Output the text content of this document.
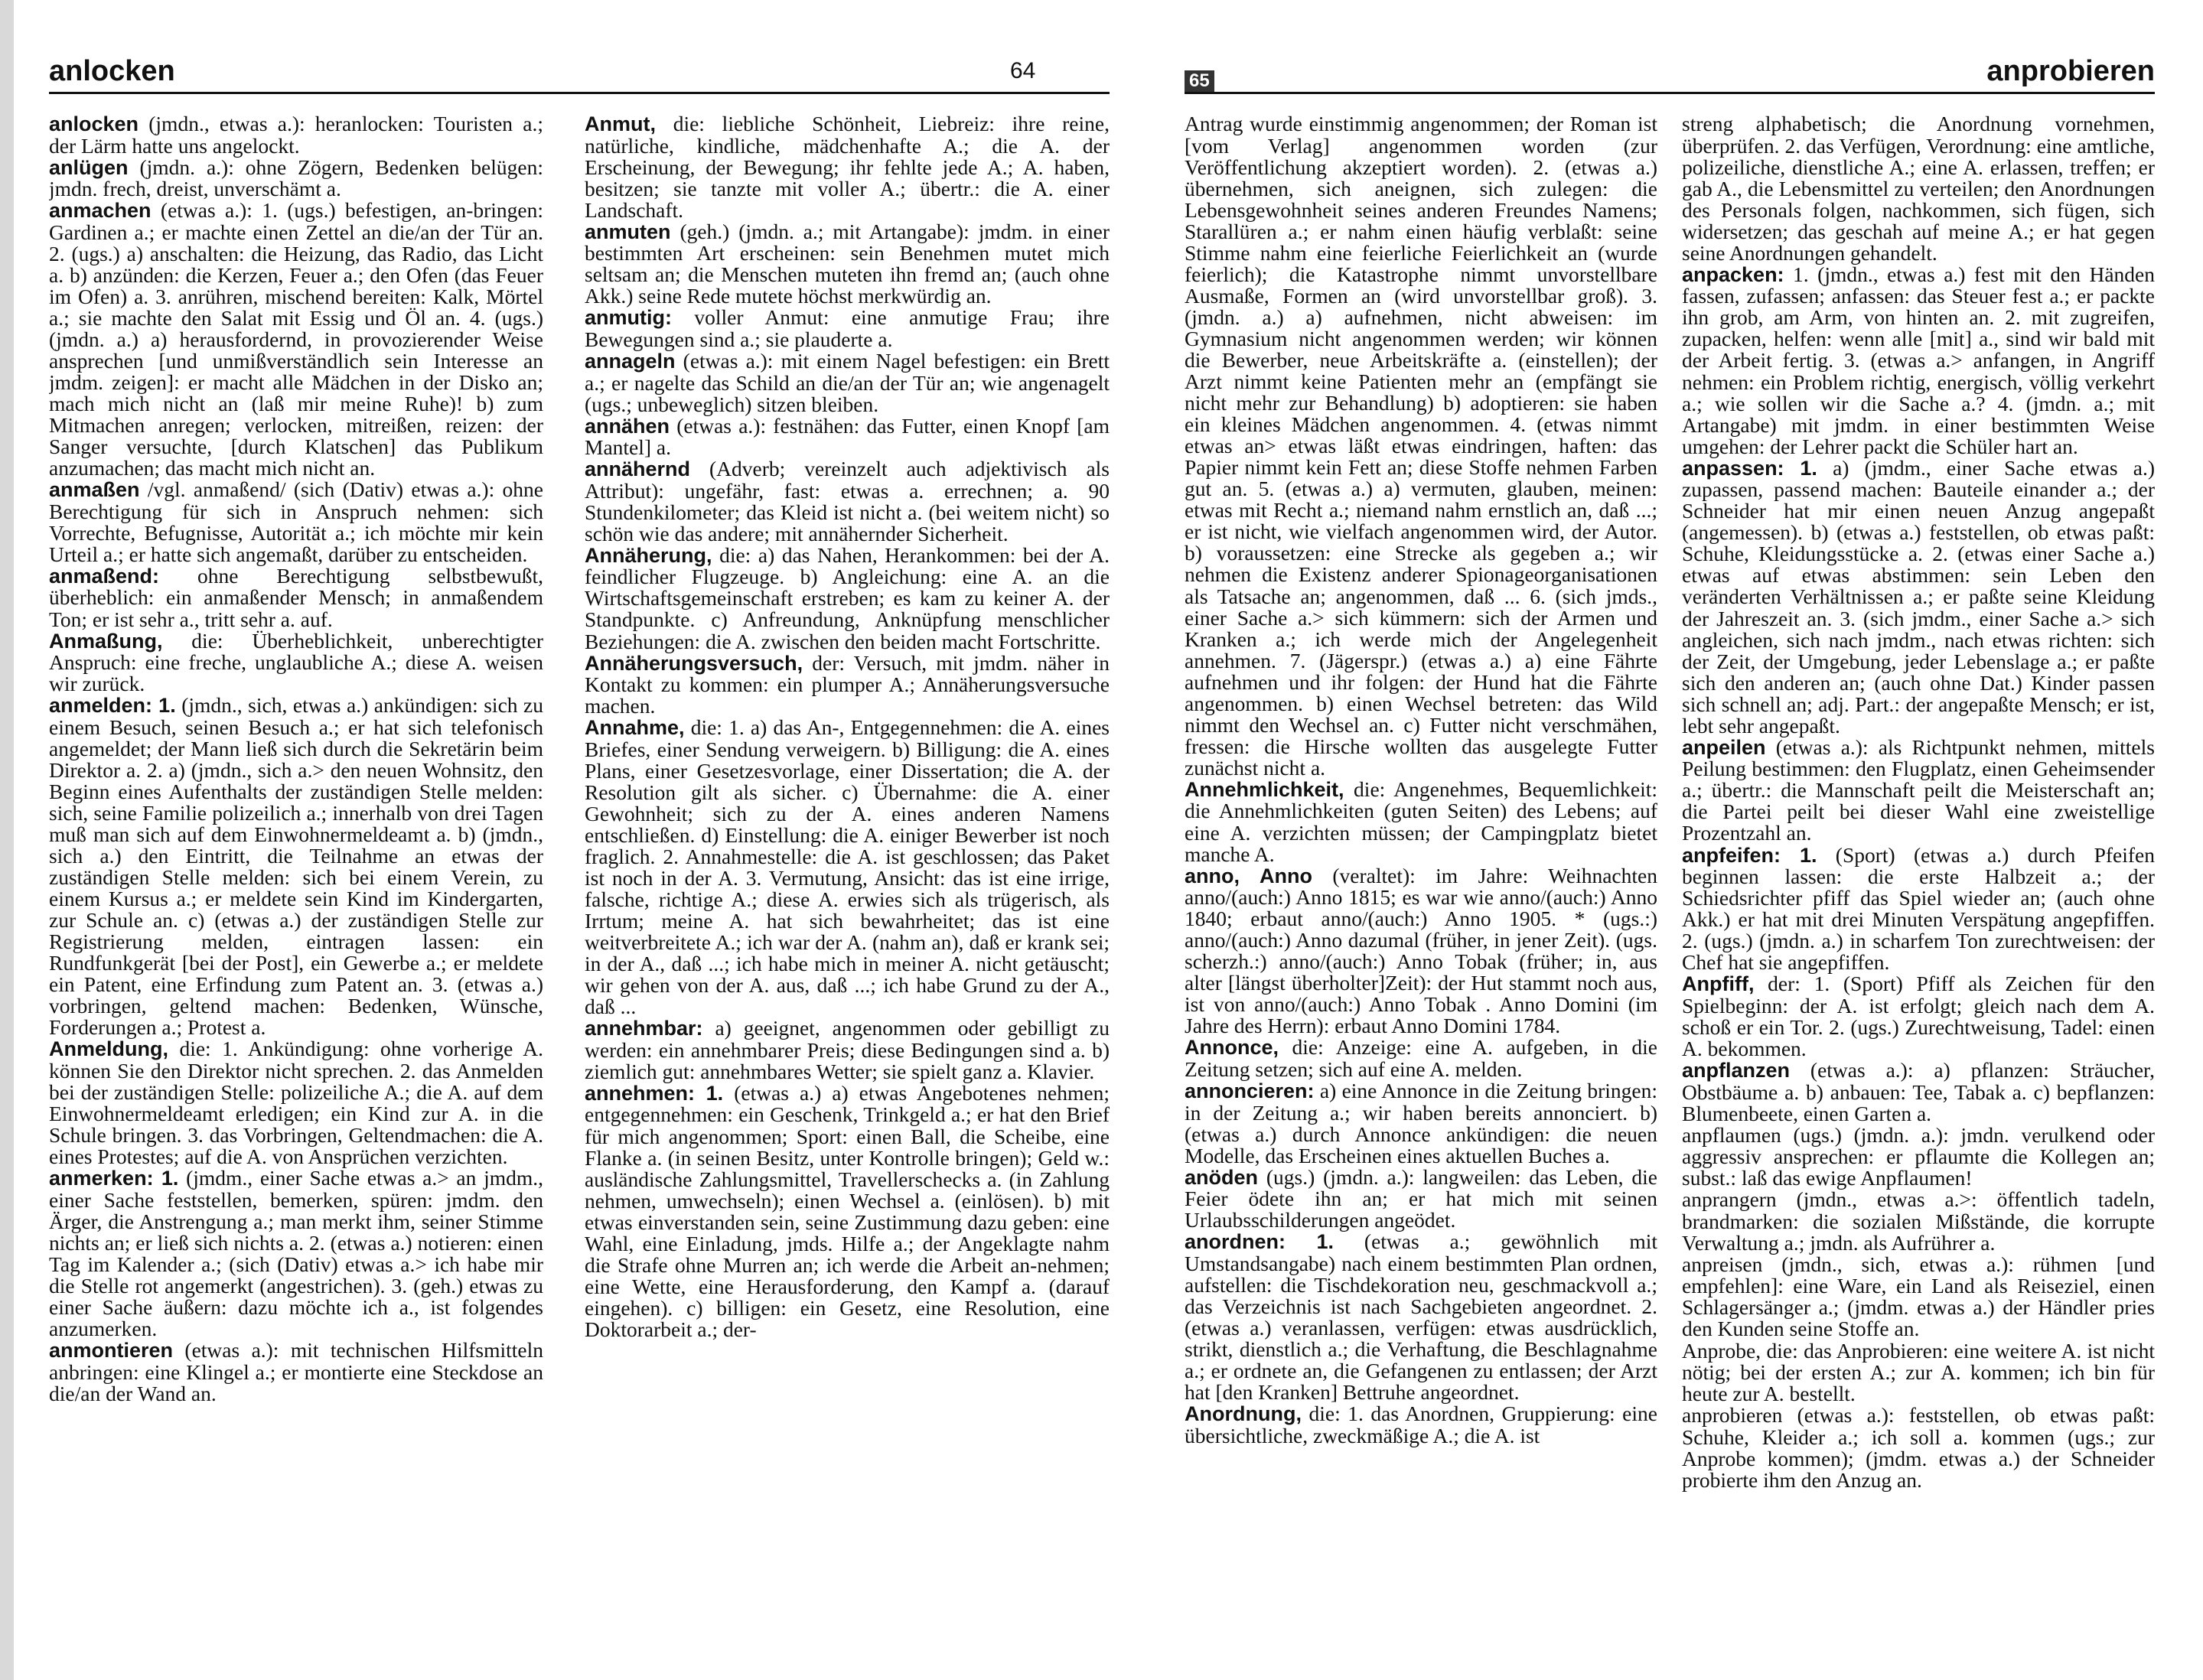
anlocken	64

anlocken (jmdn., etwas a.): heranlocken: Touristen a.; der Lärm hatte uns angelockt.

anlügen (jmdn. a.): ohne Zögern, Bedenken belügen: jmdn. frech, dreist, unverschämt a.

anmachen (etwas a.): 1. (ugs.) befestigen, an-bringen: Gardinen a.; er machte einen Zettel an die/an der Tür an. 2. (ugs.) a) anschalten: die Heizung, das Radio, das Licht a. b) anzünden: die Kerzen, Feuer a.; den Ofen (das Feuer im Ofen) a. 3. anrühren, mischend bereiten: Kalk, Mörtel a.; sie machte den Salat mit Essig und Öl an. 4. (ugs.) (jmdn. a.) a) herausfordernd, in provozierender Weise ansprechen [und unmißverständlich sein Interesse an jmdm. zeigen]: er macht alle Mädchen in der Disko an; mach mich nicht an (laß mir meine Ruhe)! b) zum Mitmachen anregen; verlocken, mitreißen, reizen: der Sanger versuchte, [durch Klatschen] das Publikum anzumachen; das macht mich nicht an.

anmaßen /vgl. anmaßend/ (sich (Dativ) etwas a.): ohne Berechtigung für sich in Anspruch nehmen: sich Vorrechte, Befugnisse, Autorität a.; ich möchte mir kein Urteil a.; er hatte sich angemaßt, darüber zu entscheiden.

anmaßend: ohne Berechtigung selbstbewußt, überheblich: ein anmaßender Mensch; in anmaßendem Ton; er ist sehr a., tritt sehr a. auf.

Anmaßung, die: Überheblichkeit, unberechtigter Anspruch: eine freche, unglaubliche A.; diese A. weisen wir zurück.

anmelden: 1. (jmdn., sich, etwas a.) ankündigen: sich zu einem Besuch, seinen Besuch a.; er hat sich telefonisch angemeldet; der Mann ließ sich durch die Sekretärin beim Direktor a. 2. a) (jmdn., sich a.> den neuen Wohnsitz, den Beginn eines Aufenthalts der zuständigen Stelle melden: sich, seine Familie polizeilich a.; innerhalb von drei Tagen muß man sich auf dem Einwohnermeldeamt a. b) (jmdn., sich a.) den Eintritt, die Teilnahme an etwas der zuständigen Stelle melden: sich bei einem Verein, zu einem Kursus a.; er meldete sein Kind im Kindergarten, zur Schule an. c) (etwas a.) der zuständigen Stelle zur Registrierung melden, eintragen lassen: ein Rundfunkgerät [bei der Post], ein Gewerbe a.; er meldete ein Patent, eine Erfindung zum Patent an. 3. (etwas a.) vorbringen, geltend machen: Bedenken, Wünsche, Forderungen a.; Protest a.

Anmeldung, die: 1. Ankündigung: ohne vorherige A. können Sie den Direktor nicht sprechen. 2. das Anmelden bei der zuständigen Stelle: polizeiliche A.; die A. auf dem Einwohnermeldeamt erledigen; ein Kind zur A. in die Schule bringen. 3. das Vorbringen, Geltendmachen: die A. eines Protestes; auf die A. von Ansprüchen verzichten.

anmerken: 1. (jmdm., einer Sache etwas a.> an jmdm., einer Sache feststellen, bemerken, spüren: jmdm. den Ärger, die Anstrengung a.; man merkt ihm, seiner Stimme nichts an; er ließ sich nichts a. 2. (etwas a.) notieren: einen Tag im Kalender a.; (sich (Dativ) etwas a.> ich habe mir die Stelle rot angemerkt (angestrichen). 3. (geh.) etwas zu einer Sache äußern: dazu möchte ich a., ist folgendes anzumerken.

anmontieren (etwas a.): mit technischen Hilfsmitteln anbringen: eine Klingel a.; er montierte eine Steckdose an die/an der Wand an.

Anmut, die: liebliche Schönheit, Liebreiz: ihre reine, natürliche, kindliche, mädchenhafte A.; die A. der Erscheinung, der Bewegung; ihr fehlte jede A.; A. haben, besitzen; sie tanzte mit voller A.; übertr.: die A. einer Landschaft.

anmuten (geh.) (jmdn. a.; mit Artangabe): jmdm. in einer bestimmten Art erscheinen: sein Benehmen mutet mich seltsam an; die Menschen muteten ihn fremd an; (auch ohne Akk.) seine Rede mutete höchst merkwürdig an.

anmutig: voller Anmut: eine anmutige Frau; ihre Bewegungen sind a.; sie plauderte a.

annageln (etwas a.): mit einem Nagel befestigen: ein Brett a.; er nagelte das Schild an die/an der Tür an; wie angenagelt (ugs.; unbeweglich) sitzen bleiben.

annähen (etwas a.): festnähen: das Futter, einen Knopf [am Mantel] a.

annähernd (Adverb; vereinzelt auch adjektivisch als Attribut): ungefähr, fast: etwas a. errechnen; a. 90 Stundenkilometer; das Kleid ist nicht a. (bei weitem nicht) so schön wie das andere; mit annähernder Sicherheit.

Annäherung, die: a) das Nahen, Herankommen: bei der A. feindlicher Flugzeuge. b) Angleichung: eine A. an die Wirtschaftsgemeinschaft erstreben; es kam zu keiner A. der Standpunkte. c) Anfreundung, Anknüpfung menschlicher Beziehungen: die A. zwischen den beiden macht Fortschritte.

Annäherungsversuch, der: Versuch, mit jmdm. näher in Kontakt zu kommen: ein plumper A.; Annäherungsversuche machen.

Annahme, die: 1. a) das An-, Entgegennehmen: die A. eines Briefes, einer Sendung verweigern. b) Billigung: die A. eines Plans, einer Gesetzesvorlage, einer Dissertation; die A. der Resolution gilt als sicher. c) Übernahme: die A. einer Gewohnheit; sich zu der A. eines anderen Namens entschließen. d) Einstellung: die A. einiger Bewerber ist noch fraglich. 2. Annahmestelle: die A. ist geschlossen; das Paket ist noch in der A. 3. Vermutung, Ansicht: das ist eine irrige, falsche, richtige A.; diese A. erwies sich als trügerisch, als Irrtum; meine A. hat sich bewahrheitet; das ist eine weitverbreitete A.; ich war der A. (nahm an), daß er krank sei; in der A., daß ...; ich habe mich in meiner A. nicht getäuscht; wir gehen von der A. aus, daß ...; ich habe Grund zu der A., daß ...

annehmbar: a) geeignet, angenommen oder gebilligt zu werden: ein annehmbarer Preis; diese Bedingungen sind a. b) ziemlich gut: annehmbares Wetter; sie spielt ganz a. Klavier.

annehmen: 1. (etwas a.) a) etwas Angebotenes nehmen; entgegennehmen: ein Geschenk, Trinkgeld a.; er hat den Brief für mich angenommen; Sport: einen Ball, die Scheibe, eine Flanke a. (in seinen Besitz, unter Kontrolle bringen); Geld w.: ausländische Zahlungsmittel, Travellerschecks a. (in Zahlung nehmen, umwechseln); einen Wechsel a. (einlösen). b) mit etwas einverstanden sein, seine Zustimmung dazu geben: eine Wahl, eine Einladung, jmds. Hilfe a.; der Angeklagte nahm die Strafe ohne Murren an; ich werde die Arbeit an-nehmen; eine Wette, eine Herausforderung, den Kampf a. (darauf eingehen). c) billigen: ein Gesetz, eine Resolution, eine Doktorarbeit a.; der-

65	anprobieren

Antrag wurde einstimmig angenommen; der Roman ist [vom Verlag] angenommen worden (zur Veröffentlichung akzeptiert worden). 2. (etwas a.) übernehmen, sich aneignen, sich zulegen: die Lebensgewohnheit seines anderen Freundes Namens; Starallüren a.; er nahm einen häufig verblaßt: seine Stimme nahm eine feierliche Feierlichkeit an (wurde feierlich); die Katastrophe nimmt unvorstellbare Ausmaße, Formen an (wird unvorstellbar groß). 3. (jmdn. a.) a) aufnehmen, nicht abweisen: im Gymnasium nicht angenommen werden; wir können die Bewerber, neue Arbeitskräfte a. (einstellen); der Arzt nimmt keine Patienten mehr an (empfängt sie nicht mehr zur Behandlung) b) adoptieren: sie haben ein kleines Mädchen angenommen. 4. (etwas nimmt etwas an> etwas läßt etwas eindringen, haften: das Papier nimmt kein Fett an; diese Stoffe nehmen Farben gut an. 5. (etwas a.) a) vermuten, glauben, meinen: etwas mit Recht a.; niemand nahm ernstlich an, daß ...; er ist nicht, wie vielfach angenommen wird, der Autor. b) voraussetzen: eine Strecke als gegeben a.; wir nehmen die Existenz anderer Spionageorganisationen als Tatsache an; angenommen, daß ... 6. (sich jmds., einer Sache a.> sich kümmern: sich der Armen und Kranken a.; ich werde mich der Angelegenheit annehmen. 7. (Jägerspr.) (etwas a.) a) eine Fährte aufnehmen und ihr folgen: der Hund hat die Fährte angenommen. b) einen Wechsel betreten: das Wild nimmt den Wechsel an. c) Futter nicht verschmähen, fressen: die Hirsche wollten das ausgelegte Futter zunächst nicht a.

Annehmlichkeit, die: Angenehmes, Bequemlichkeit: die Annehmlichkeiten (guten Seiten) des Lebens; auf eine A. verzichten müssen; der Campingplatz bietet manche A.

anno, Anno (veraltet): im Jahre: Weihnachten anno/(auch:) Anno 1815; es war wie anno/(auch:) Anno 1840; erbaut anno/(auch:) Anno 1905. * (ugs.:) anno/(auch:) Anno dazumal (früher, in jener Zeit). (ugs. scherzh.:) anno/(auch:) Anno Tobak (früher; in, aus alter [längst überholter]Zeit): der Hut stammt noch aus, ist von anno/(auch:) Anno Tobak . Anno Domini (im Jahre des Herrn): erbaut Anno Domini 1784.

Annonce, die: Anzeige: eine A. aufgeben, in die Zeitung setzen; sich auf eine A. melden.

annoncieren: a) eine Annonce in die Zeitung bringen: in der Zeitung a.; wir haben bereits annonciert. b) (etwas a.) durch Annonce ankündigen: die neuen Modelle, das Erscheinen eines aktuellen Buches a.

anöden (ugs.) (jmdn. a.): langweilen: das Leben, die Feier ödete ihn an; er hat mich mit seinen Urlaubsschilderungen angeödet.

anordnen: 1. (etwas a.; gewöhnlich mit Umstandsangabe) nach einem bestimmten Plan ordnen, aufstellen: die Tischdekoration neu, geschmackvoll a.; das Verzeichnis ist nach Sachgebieten angeordnet. 2. (etwas a.) veranlassen, verfügen: etwas ausdrücklich, strikt, dienstlich a.; die Verhaftung, die Beschlagnahme a.; er ordnete an, die Gefangenen zu entlassen; der Arzt hat [den Kranken] Bettruhe angeordnet.

Anordnung, die: 1. das Anordnen, Gruppierung: eine übersichtliche, zweckmäßige A.; die A. ist

streng alphabetisch; die Anordnung vornehmen, überprüfen. 2. das Verfügen, Verordnung: eine amtliche, polizeiliche, dienstliche A.; eine A. erlassen, treffen; er gab A., die Lebensmittel zu verteilen; den Anordnungen des Personals folgen, nachkommen, sich fügen, sich widersetzen; das geschah auf meine A.; er hat gegen seine Anordnungen gehandelt.

anpacken: 1. (jmdn., etwas a.) fest mit den Händen fassen, zufassen; anfassen: das Steuer fest a.; er packte ihn grob, am Arm, von hinten an. 2. mit zugreifen, zupacken, helfen: wenn alle [mit] a., sind wir bald mit der Arbeit fertig. 3. (etwas a.> anfangen, in Angriff nehmen: ein Problem richtig, energisch, völlig verkehrt a.; wie sollen wir die Sache a.? 4. (jmdn. a.; mit Artangabe) mit jmdm. in einer bestimmten Weise umgehen: der Lehrer packt die Schüler hart an.

anpassen: 1. a) (jmdm., einer Sache etwas a.) zupassen, passend machen: Bauteile einander a.; der Schneider hat mir einen neuen Anzug angepaßt (angemessen). b) (etwas a.) feststellen, ob etwas paßt: Schuhe, Kleidungsstücke a. 2. (etwas einer Sache a.) etwas auf etwas abstimmen: sein Leben den veränderten Verhältnissen a.; er paßte seine Kleidung der Jahreszeit an. 3. (sich jmdm., einer Sache a.> sich angleichen, sich nach jmdm., nach etwas richten: sich der Zeit, der Umgebung, jeder Lebenslage a.; er paßte sich den anderen an; (auch ohne Dat.) Kinder passen sich schnell an; adj. Part.: der angepaßte Mensch; er ist, lebt sehr angepaßt.

anpeilen (etwas a.): als Richtpunkt nehmen, mittels Peilung bestimmen: den Flugplatz, einen Geheimsender a.; übertr.: die Mannschaft peilt die Meisterschaft an; die Partei peilt bei dieser Wahl eine zweistellige Prozentzahl an.

anpfeifen: 1. (Sport) (etwas a.) durch Pfeifen beginnen lassen: die erste Halbzeit a.; der Schiedsrichter pfiff das Spiel wieder an; (auch ohne Akk.) er hat mit drei Minuten Verspätung angepfiffen. 2. (ugs.) (jmdn. a.) in scharfem Ton zurechtweisen: der Chef hat sie angepfiffen.

Anpfiff, der: 1. (Sport) Pfiff als Zeichen für den Spielbeginn: der A. ist erfolgt; gleich nach dem A. schoß er ein Tor. 2. (ugs.) Zurechtweisung, Tadel: einen A. bekommen.

anpflanzen (etwas a.): a) pflanzen: Sträucher, Obstbäume a. b) anbauen: Tee, Tabak a. c) bepflanzen: Blumenbeete, einen Garten a.

anpflaumen (ugs.) (jmdn. a.): jmdn. verulkend oder aggressiv ansprechen: er pflaumte die Kollegen an; subst.: laß das ewige Anpflaumen!

anprangern (jmdn., etwas a.>: öffentlich tadeln, brandmarken: die sozialen Mißstände, die korrupte Verwaltung a.; jmdn. als Aufrührer a.

anpreisen (jmdn., sich, etwas a.): rühmen [und empfehlen]: eine Ware, ein Land als Reiseziel, einen Schlagersänger a.; (jmdm. etwas a.) der Händler pries den Kunden seine Stoffe an.

Anprobe, die: das Anprobieren: eine weitere A. ist nicht nötig; bei der ersten A.; zur A. kommen; ich bin für heute zur A. bestellt.

anprobieren (etwas a.): feststellen, ob etwas paßt: Schuhe, Kleider a.; ich soll a. kommen (ugs.; zur Anprobe kommen); (jmdm. etwas a.) der Schneider probierte ihm den Anzug an.
